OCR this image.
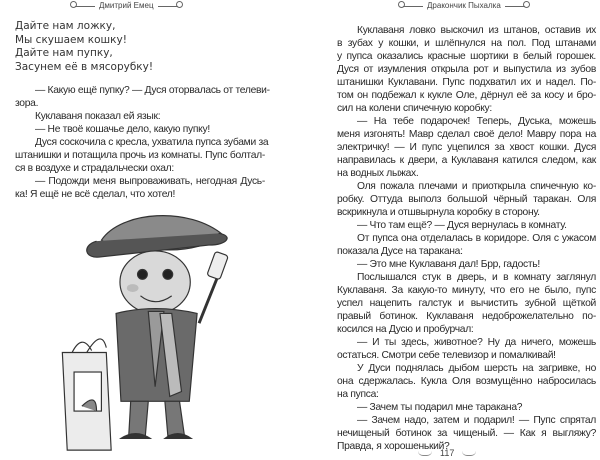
Дмитрий Емец
Дайте нам ложку,
Мы скушаем кошку!
Дайте нам пупку,
Засунем её в мясорубку!
— Какую ещё пупку? — Дуся оторвалась от телеви-
зора.
Куклаваня показал ей язык:
— Не твоё кошачье дело, какую пупку!
Дуся соскочила с кресла, ухватила пупса зубами за
штанишки и потащила прочь из комнаты. Пупс болтал-
ся в воздухе и страдальчески охал:
— Подожди меня выпроваживать, негодная Дусь-
ка! Я ещё не всё сделал, что хотел!
Дракончик Пыхалка
Куклаваня ловко выскочил из штанов, оставив их
в зубах у кошки, и шлёпнулся на пол. Под штанами
у пупса оказались красные шортики в белый горошек.
Дуся от изумления открыла рот и выпустила из зубов
штанишки Куклавани. Пупс подхватил их и надел. По-
том он подбежал к кукле Оле, дёрнул её за косу и бро-
сил на колени спичечную коробку:
— На тебе подарочек! Теперь, Дуська, можешь
меня изгонять! Мавр сделал своё дело! Мавру пора на
электричку! — И пупс уцепился за хвост кошки. Дуся
направилась к двери, а Куклаваня катился следом, как
на водных лыжах.
Оля пожала плечами и приоткрыла спичечную ко-
робку. Оттуда выполз большой чёрный таракан. Оля
вскрикнула и отшвырнула коробку в сторону.
— Что там ещё? — Дуся вернулась в комнату.
От пупса она отделалась в коридоре. Оля с ужасом
показала Дусе на таракана:
— Это мне Куклаваня дал! Брр, гадость!
Послышался стук в дверь, и в комнату заглянул
Куклаваня. За какую-то минуту, что его не было, пупс
успел нацепить галстук и вычистить зубной щёткой
правый ботинок. Куклаваня недоброжелательно по-
косился на Дусю и пробурчал:
— И ты здесь, животное? Ну да ничего, можешь
остаться. Смотри себе телевизор и помалкивай!
У Дуси поднялась дыбом шерсть на загривке, но
она сдержалась. Кукла Оля возмущённо набросилась
на пупса:
— Зачем ты подарил мне таракана?
— Зачем надо, затем и подарил! — Пупс спрятал
нечищеный ботинок за чищеный. — Как я выгляжу?
Правда, я хорошенький?
117
